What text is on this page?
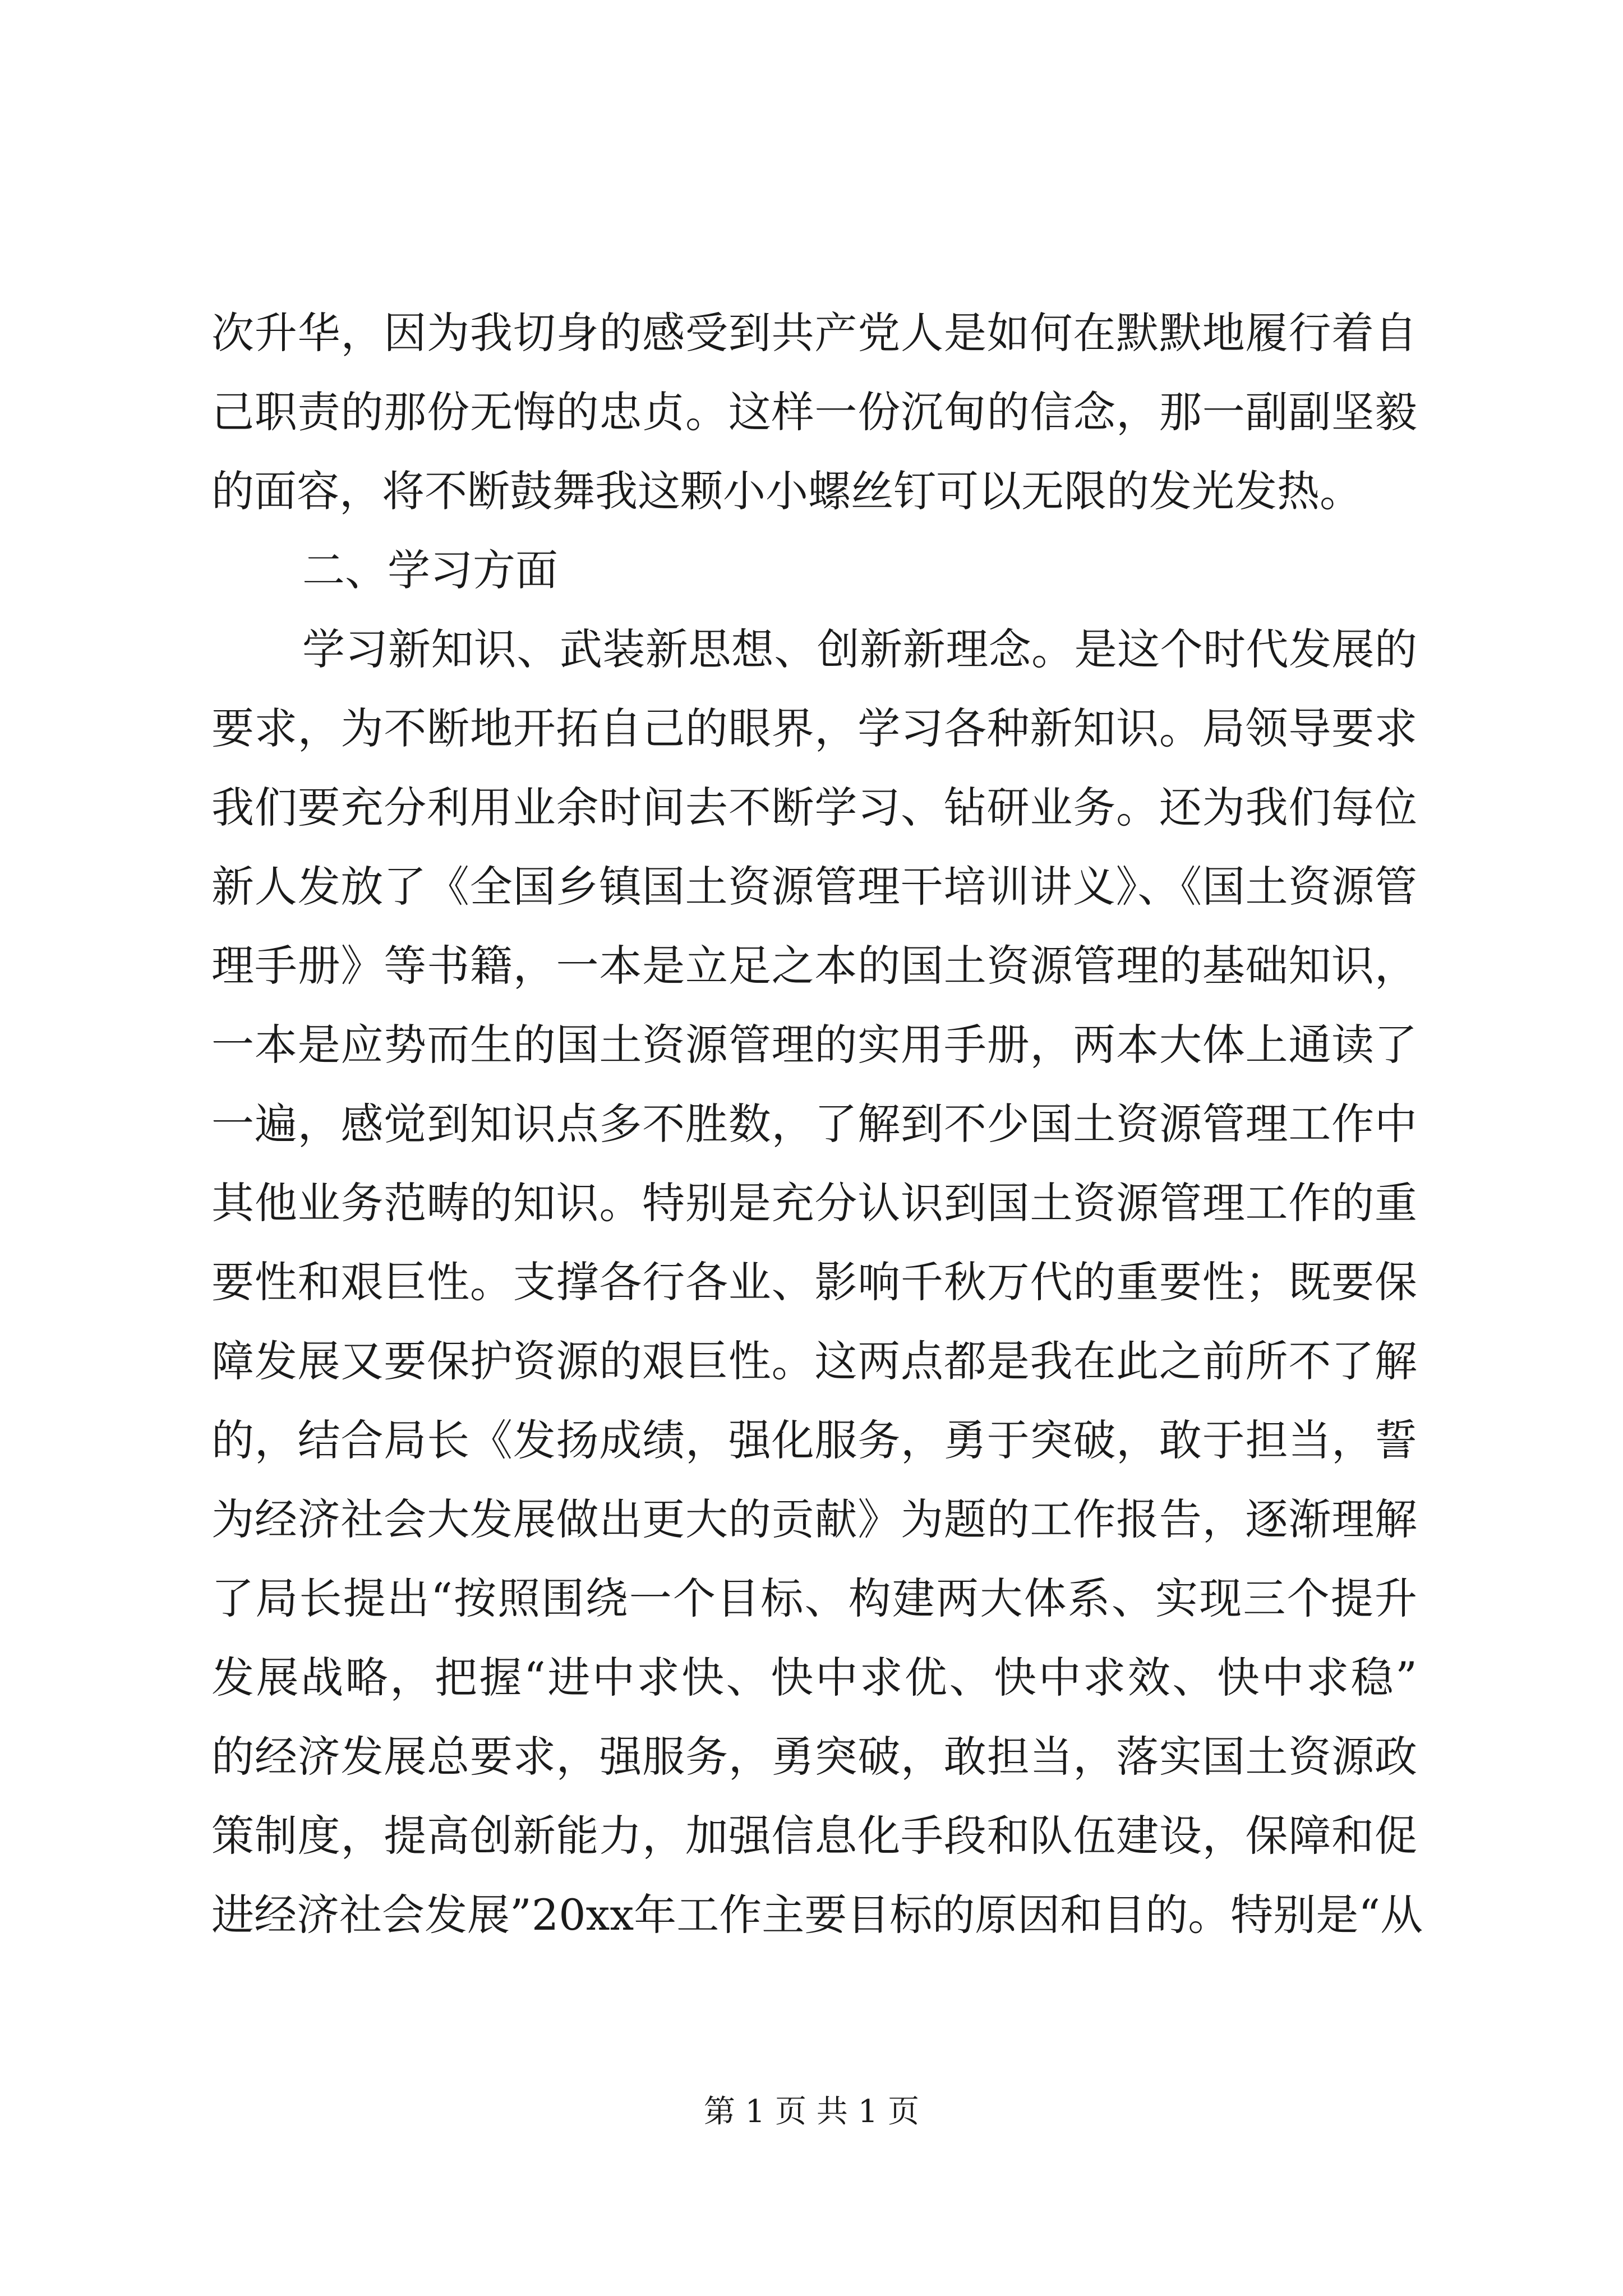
次升华，因为我切身的感受到共产党人是如何在默默地履行着自
己职责的那份无悔的忠贞。这样一份沉甸的信念，那一副副坚毅
的面容，将不断鼓舞我这颗小小螺丝钉可以无限的发光发热。
二、学习方面
学习新知识、武装新思想、创新新理念。是这个时代发展的
要求，为不断地开拓自己的眼界，学习各种新知识。局领导要求
我们要充分利用业余时间去不断学习、钻研业务。还为我们每位
新人发放了《全国乡镇国土资源管理干培训讲义》、《国土资源管
理手册》等书籍，一本是立足之本的国土资源管理的基础知识，
一本是应势而生的国土资源管理的实用手册，两本大体上通读了
一遍，感觉到知识点多不胜数，了解到不少国土资源管理工作中
其他业务范畴的知识。特别是充分认识到国土资源管理工作的重
要性和艰巨性。支撑各行各业、影响千秋万代的重要性；既要保
障发展又要保护资源的艰巨性。这两点都是我在此之前所不了解
的，结合局长《发扬成绩，强化服务，勇于突破，敢于担当，誓
为经济社会大发展做出更大的贡献》为题的工作报告，逐渐理解
了局长提出“按照围绕一个目标、构建两大体系、实现三个提升
发展战略，把握“进中求快、快中求优、快中求效、快中求稳”
的经济发展总要求，强服务，勇突破，敢担当，落实国土资源政
策制度，提高创新能力，加强信息化手段和队伍建设，保障和促
进经济社会发展”20xx年工作主要目标的原因和目的。特别是“从
第 1 页 共 1 页
